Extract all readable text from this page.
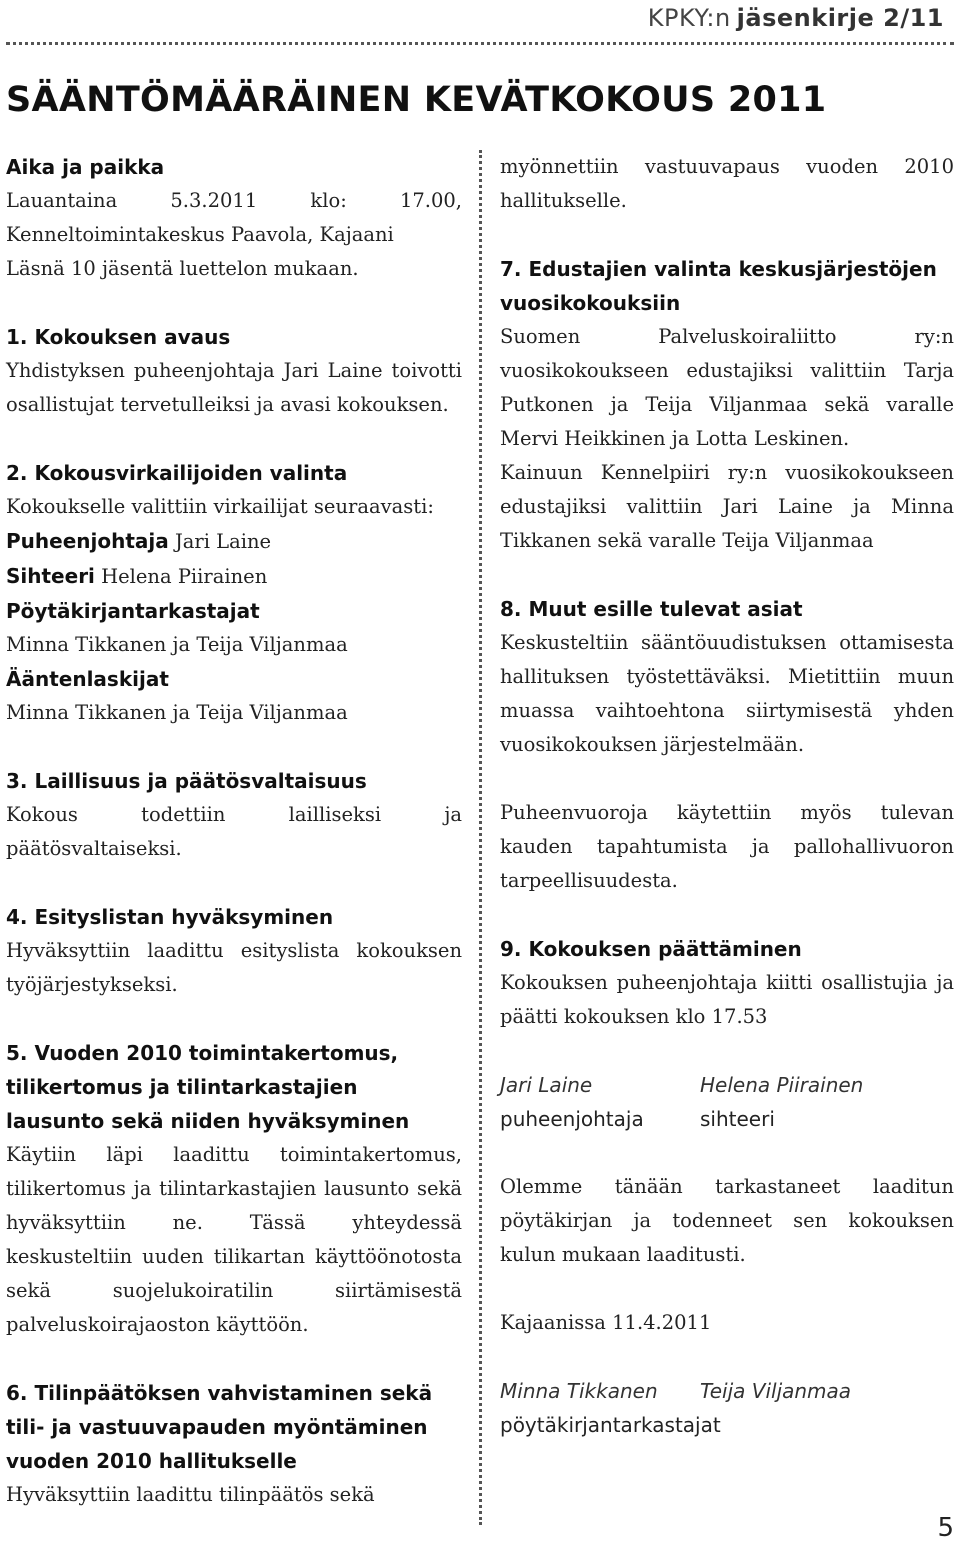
KPKY:n jäsenkirje 2/11
SÄÄNTÖMÄÄRÄINEN KEVÄTKOKOUS 2011
Aika ja paikka
Lauantaina 5.3.2011 klo: 17.00, Kenneltoimintakeskus Paavola, Kajaani
Läsnä 10 jäsentä luettelon mukaan.
1. Kokouksen avaus
Yhdistyksen puheenjohtaja Jari Laine toivotti osallistujat tervetulleiksi ja avasi kokouksen.
2. Kokousvirkailijoiden valinta
Kokoukselle valittiin virkailijat seuraavasti:
Puheenjohtaja Jari Laine
Sihteeri Helena Piirainen
Pöytäkirjantarkastajat
Minna Tikkanen ja Teija Viljanmaa
Ääntenlaskijat
Minna Tikkanen ja Teija Viljanmaa
3. Laillisuus ja päätösvaltaisuus
Kokous todettiin lailliseksi ja päätösvaltaiseksi.
4. Esityslistan hyväksyminen
Hyväksyttiin laadittu esityslista kokouksen työjärjestykseksi.
5. Vuoden 2010 toimintakertomus, tilikertomus ja tilintarkastajien lausunto sekä niiden hyväksyminen
Käytiin läpi laadittu toimintakertomus, tilikertomus ja tilintarkastajien lausunto sekä hyväksyttiin ne. Tässä yhteydessä keskusteltiin uuden tilikartan käyttöönotosta sekä suojelukoiratilin siirtämisestä palveluskoirajaoston käyttöön.
6. Tilinpäätöksen vahvistaminen sekä tili- ja vastuuvapauden myöntäminen vuoden 2010 hallitukselle
Hyväksyttiin laadittu tilinpäätös sekä
myönnettiin vastuuvapaus vuoden 2010 hallitukselle.
7. Edustajien valinta keskusjärjestöjen vuosikokouksiin
Suomen Palveluskoiraliitto ry:n vuosikokoukseen edustajiksi valittiin Tarja Putkonen ja Teija Viljanmaa sekä varalle Mervi Heikkinen ja Lotta Leskinen.
Kainuun Kennelpiiri ry:n vuosikokoukseen edustajiksi valittiin Jari Laine ja Minna Tikkanen sekä varalle Teija Viljanmaa
8. Muut esille tulevat asiat
Keskusteltiin sääntöuudistuksen ottamisesta hallituksen työstettäväksi. Mietittiin muun muassa vaihtoehtona siirtymisestä yhden vuosikokouksen järjestelmään.
Puheenvuoroja käytettiin myös tulevan kauden tapahtumista ja pallohallivuoron tarpeellisuudesta.
9. Kokouksen päättäminen
Kokouksen puheenjohtaja kiitti osallistujia ja päätti kokouksen klo 17.53
Jari Laine	Helena Piirainen
puheenjohtaja	sihteeri
Olemme tänään tarkastaneet laaditun pöytäkirjan ja todenneet sen kokouksen kulun mukaan laaditusti.
Kajaanissa 11.4.2011
Minna Tikkanen	Teija Viljanmaa
pöytäkirjantarkastajat
5
